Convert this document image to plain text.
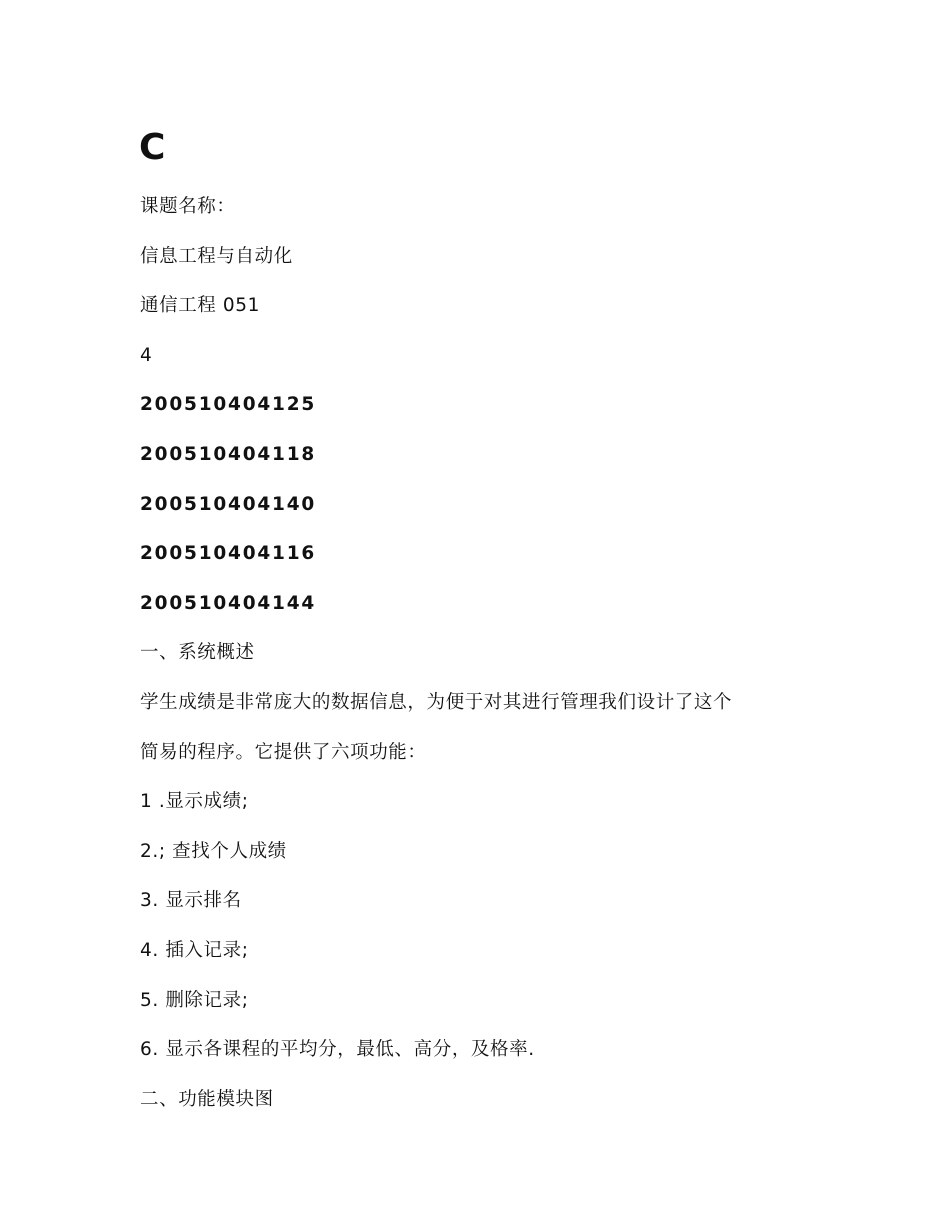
C
课题名称：
信息工程与自动化
通信工程 051
4
200510404125
200510404118
200510404140
200510404116
200510404144
一、系统概述
学生成绩是非常庞大的数据信息，为便于对其进行管理我们设计了这个
简易的程序。它提供了六项功能：
1 .显示成绩;
2.; 查找个人成绩
3. 显示排名
4. 插入记录;
5. 删除记录;
6. 显示各课程的平均分，最低、高分，及格率.
二、功能模块图
